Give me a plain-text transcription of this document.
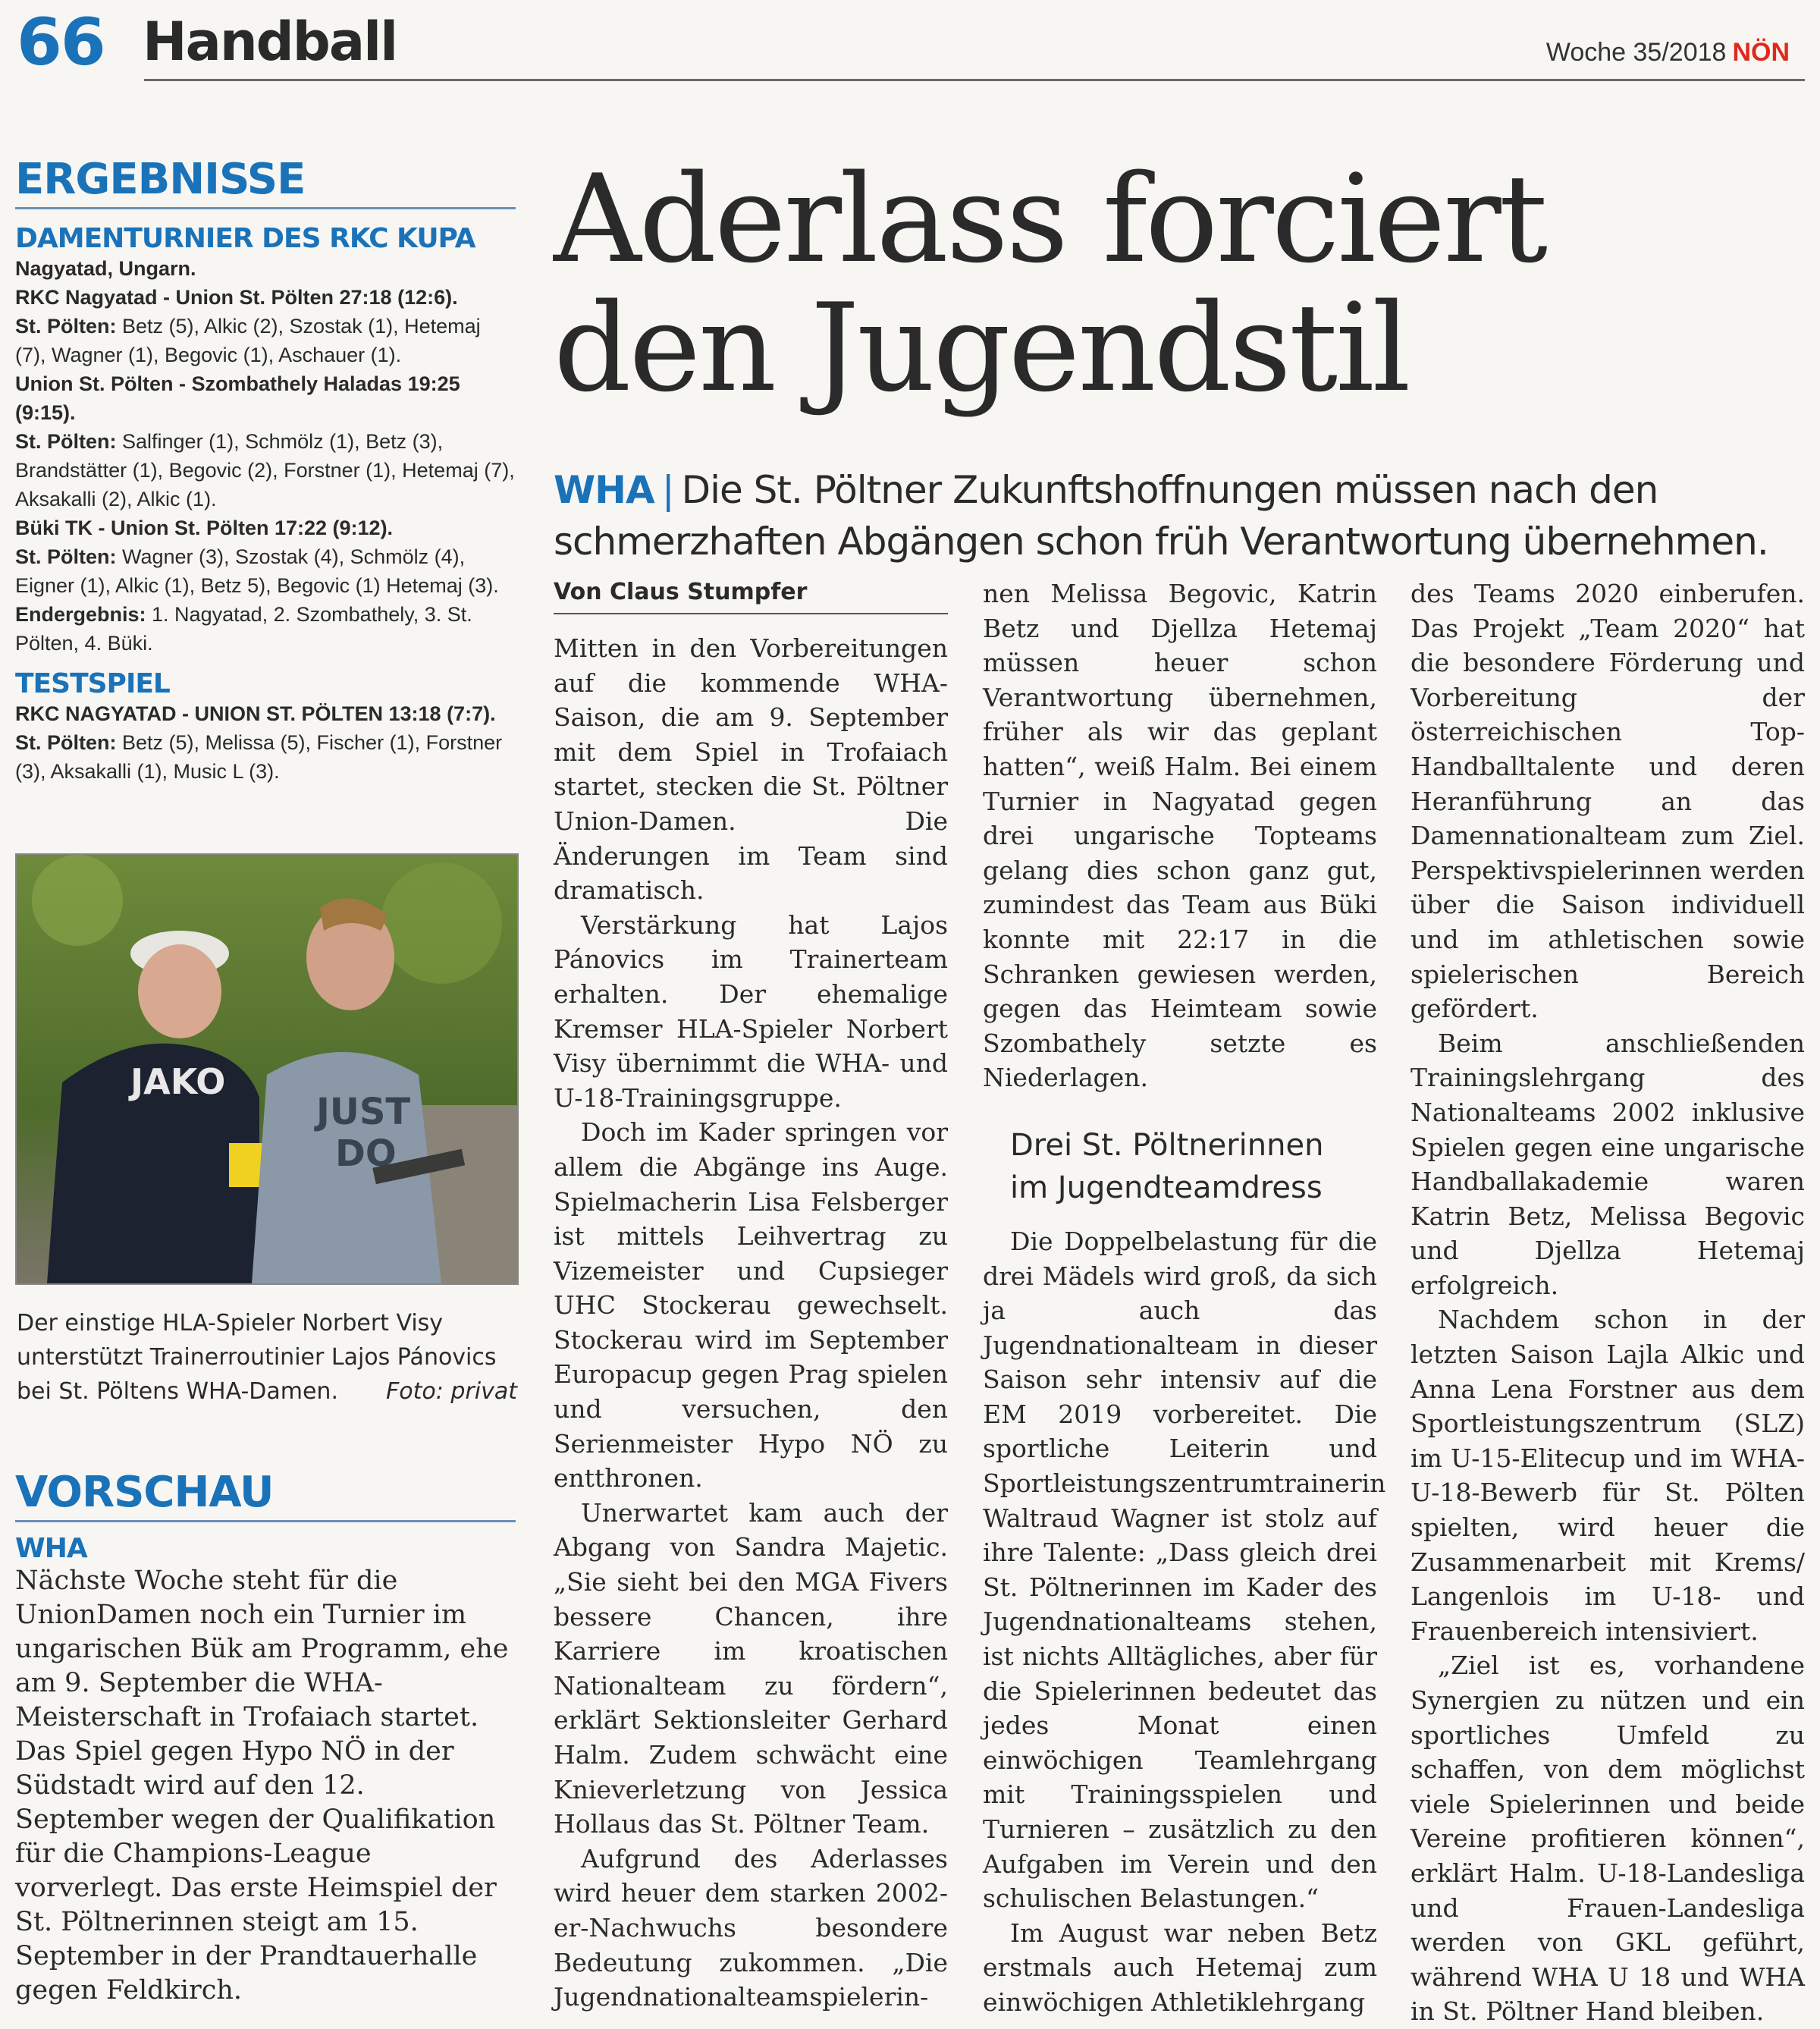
66 Handball	Woche 35/2018 NÖN
ERGEBNISSE
DAMENTURNIER DES RKC KUPA

Nagyatad, Ungarn.

RKC Nagyatad - Union St. Pölten 27:18 (12:6).

St. Pölten: Betz (5), Alkic (2), Szostak (1), Hetemaj (7), Wagner (1), Begovic (1), Aschauer (1).

Union St. Pölten - Szombathely Haladas 19:25 (9:15).

St. Pölten: Salfinger (1), Schmölz (1), Betz (3), Brandstätter (1), Begovic (2), Forstner (1), Hetemaj (7), Aksakalli (2), Alkic (1).

Büki TK - Union St. Pölten 17:22 (9:12).

St. Pölten: Wagner (3), Szostak (4), Schmölz (4), Eigner (1), Alkic (1), Betz 5), Begovic (1) Hetemaj (3).

Endergebnis: 1. Nagyatad, 2. Szombathely, 3. St. Pölten, 4. Büki.

TESTSPIEL

RKC NAGYATAD - UNION ST. PÖLTEN 13:18 (7:7).

St. Pölten: Betz (5), Melissa (5), Fischer (1), Forstner (3), Aksakalli (1), Music L (3).

JAKO
JUST
DO
Der einstige HLA-Spieler Norbert Visy unterstützt Trainerroutinier Lajos Pánovics bei St. Pöltens WHA-Damen. Foto: privat
VORSCHAU
WHA

Nächste Woche steht für die UnionDamen noch ein Turnier im ungarischen Bük am Programm, ehe am 9. September die WHA-Meisterschaft in Trofaiach startet. Das Spiel gegen Hypo NÖ in der Südstadt wird auf den 12. September wegen der Qualifikation für die Champions-League vorverlegt. Das erste Heimspiel der St. Pöltnerinnen steigt am 15. September in der Prandtauerhalle gegen Feldkirch.

Aderlass forciert
den Jugendstil
WHA | Die St. Pöltner Zukunftshoffnungen müssen nach den schmerzhaften Abgängen schon früh Verantwortung übernehmen.
Von Claus Stumpfer

Mitten in den Vorbereitungen auf die kommende WHA-Saison, die am 9. September mit dem Spiel in Trofaiach startet, stecken die St. Pöltner Union-Damen. Die Änderungen im Team sind dramatisch.

Verstärkung hat Lajos Pánovics im Trainerteam erhalten. Der ehemalige Kremser HLA-Spieler Norbert Visy übernimmt die WHA- und U-18-Trainingsgruppe.

Doch im Kader springen vor allem die Abgänge ins Auge. Spielmacherin Lisa Felsberger ist mittels Leihvertrag zu Vizemeister und Cupsieger UHC Stockerau gewechselt. Stockerau wird im September Europacup gegen Prag spielen und versuchen, den Serienmeister Hypo NÖ zu entthronen.

Unerwartet kam auch der Abgang von Sandra Majetic. „Sie sieht bei den MGA Fivers bessere Chancen, ihre Karriere im kroatischen Nationalteam zu fördern“, erklärt Sektionsleiter Gerhard Halm. Zudem schwächt eine Knieverletzung von Jessica Hollaus das St. Pöltner Team.

Aufgrund des Aderlasses wird heuer dem starken 2002-er-Nachwuchs besondere Bedeutung zukommen. „Die Jugendnationalteamspielerin-

nen Melissa Begovic, Katrin Betz und Djellza Hetemaj müssen heuer schon Verantwortung übernehmen, früher als wir das geplant hatten“, weiß Halm. Bei einem Turnier in Nagyatad gegen drei ungarische Topteams gelang dies schon ganz gut, zumindest das Team aus Büki konnte mit 22:17 in die Schranken gewiesen werden, gegen das Heimteam sowie Szombathely setzte es Niederlagen.

Drei St. Pöltnerinnen
im Jugendteamdress

Die Doppelbelastung für die drei Mädels wird groß, da sich ja auch das Jugendnationalteam in dieser Saison sehr intensiv auf die EM 2019 vorbereitet. Die sportliche Leiterin und Sportleistungszentrumtrainerin Waltraud Wagner ist stolz auf ihre Talente: „Dass gleich drei St. Pöltnerinnen im Kader des Jugendnationalteams stehen, ist nichts Alltägliches, aber für die Spielerinnen bedeutet das jedes Monat einen einwöchigen Teamlehrgang mit Trainingsspielen und Turnieren – zusätzlich zu den Aufgaben im Verein und den schulischen Belastungen.“

Im August war neben Betz erstmals auch Hetemaj zum einwöchigen Athletiklehrgang

des Teams 2020 einberufen. Das Projekt „Team 2020“ hat die besondere Förderung und Vorbereitung der österreichischen Top-Handballtalente und deren Heranführung an das Damennationalteam zum Ziel. Perspektivspielerinnen werden über die Saison individuell und im athletischen sowie spielerischen Bereich gefördert.

Beim anschließenden Trainingslehrgang des Nationalteams 2002 inklusive Spielen gegen eine ungarische Handballakademie waren Katrin Betz, Melissa Begovic und Djellza Hetemaj erfolgreich.

Nachdem schon in der letzten Saison Lajla Alkic und Anna Lena Forstner aus dem Sportleistungszentrum (SLZ) im U-15-Elitecup und im WHA-U-18-Bewerb für St. Pölten spielten, wird heuer die Zusammenarbeit mit Krems/ Langenlois im U-18- und Frauenbereich intensiviert.

„Ziel ist es, vorhandene Synergien zu nützen und ein sportliches Umfeld zu schaffen, von dem möglichst viele Spielerinnen und beide Vereine profitieren können“, erklärt Halm. U-18-Landesliga und Frauen-Landesliga werden von GKL geführt, während WHA U 18 und WHA in St. Pöltner Hand bleiben.
